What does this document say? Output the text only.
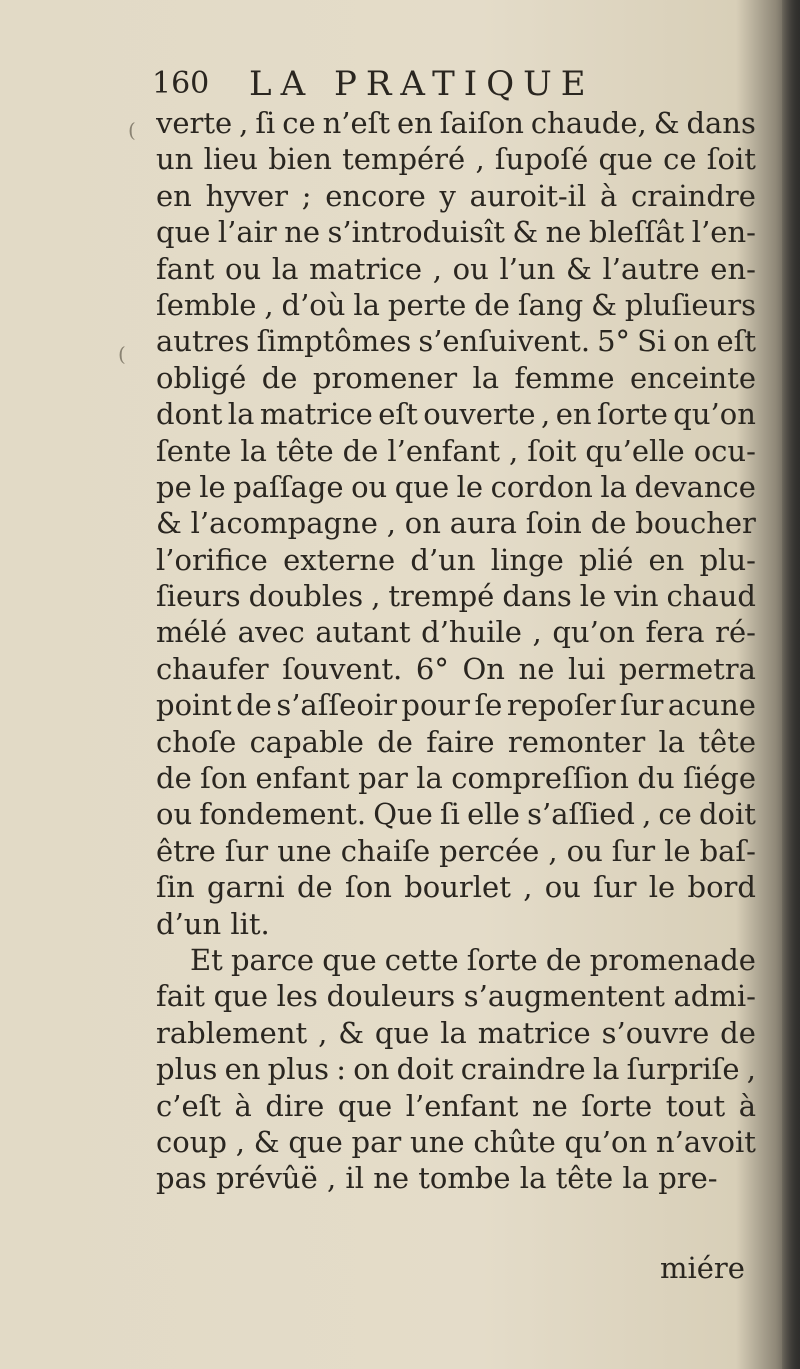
160 LA PRATIQUE
(
(
verte , ſi ce n’eſt en ſaiſon chaude, & dans
un lieu bien tempéré , ſupoſé que ce ſoit
en hyver ; encore y auroit-il à craindre
que l’air ne s’introduisît & ne bleſſât l’en-
fant ou la matrice , ou l’un & l’autre en-
ſemble , d’où la perte de ſang & pluſieurs
autres ſimptômes s’enſuivent. 5° Si on eſt
obligé de promener la femme enceinte
dont la matrice eſt ouverte , en ſorte qu’on
ſente la tête de l’enfant , ſoit qu’elle ocu-
pe le paſſage ou que le cordon la devance
& l’acompagne , on aura ſoin de boucher
l’orifice externe d’un linge plié en plu-
ſieurs doubles , trempé dans le vin chaud
mélé avec autant d’huile , qu’on fera ré-
chaufer ſouvent. 6° On ne lui permetra
point de s’aſſeoir pour ſe repoſer ſur acune
choſe capable de faire remonter la tête
de ſon enfant par la compreſſion du ſiége
ou fondement. Que ſi elle s’aſſied , ce doit
être ſur une chaiſe percée , ou ſur le baſ-
ſin garni de ſon bourlet , ou ſur le bord
d’un lit.
Et parce que cette ſorte de promenade
fait que les douleurs s’augmentent admi-
rablement , & que la matrice s’ouvre de
plus en plus : on doit craindre la ſurpriſe ,
c’eſt à dire que l’enfant ne ſorte tout à
coup , & que par une chûte qu’on n’avoit
pas prévûë , il ne tombe la tête la pre-
miére
